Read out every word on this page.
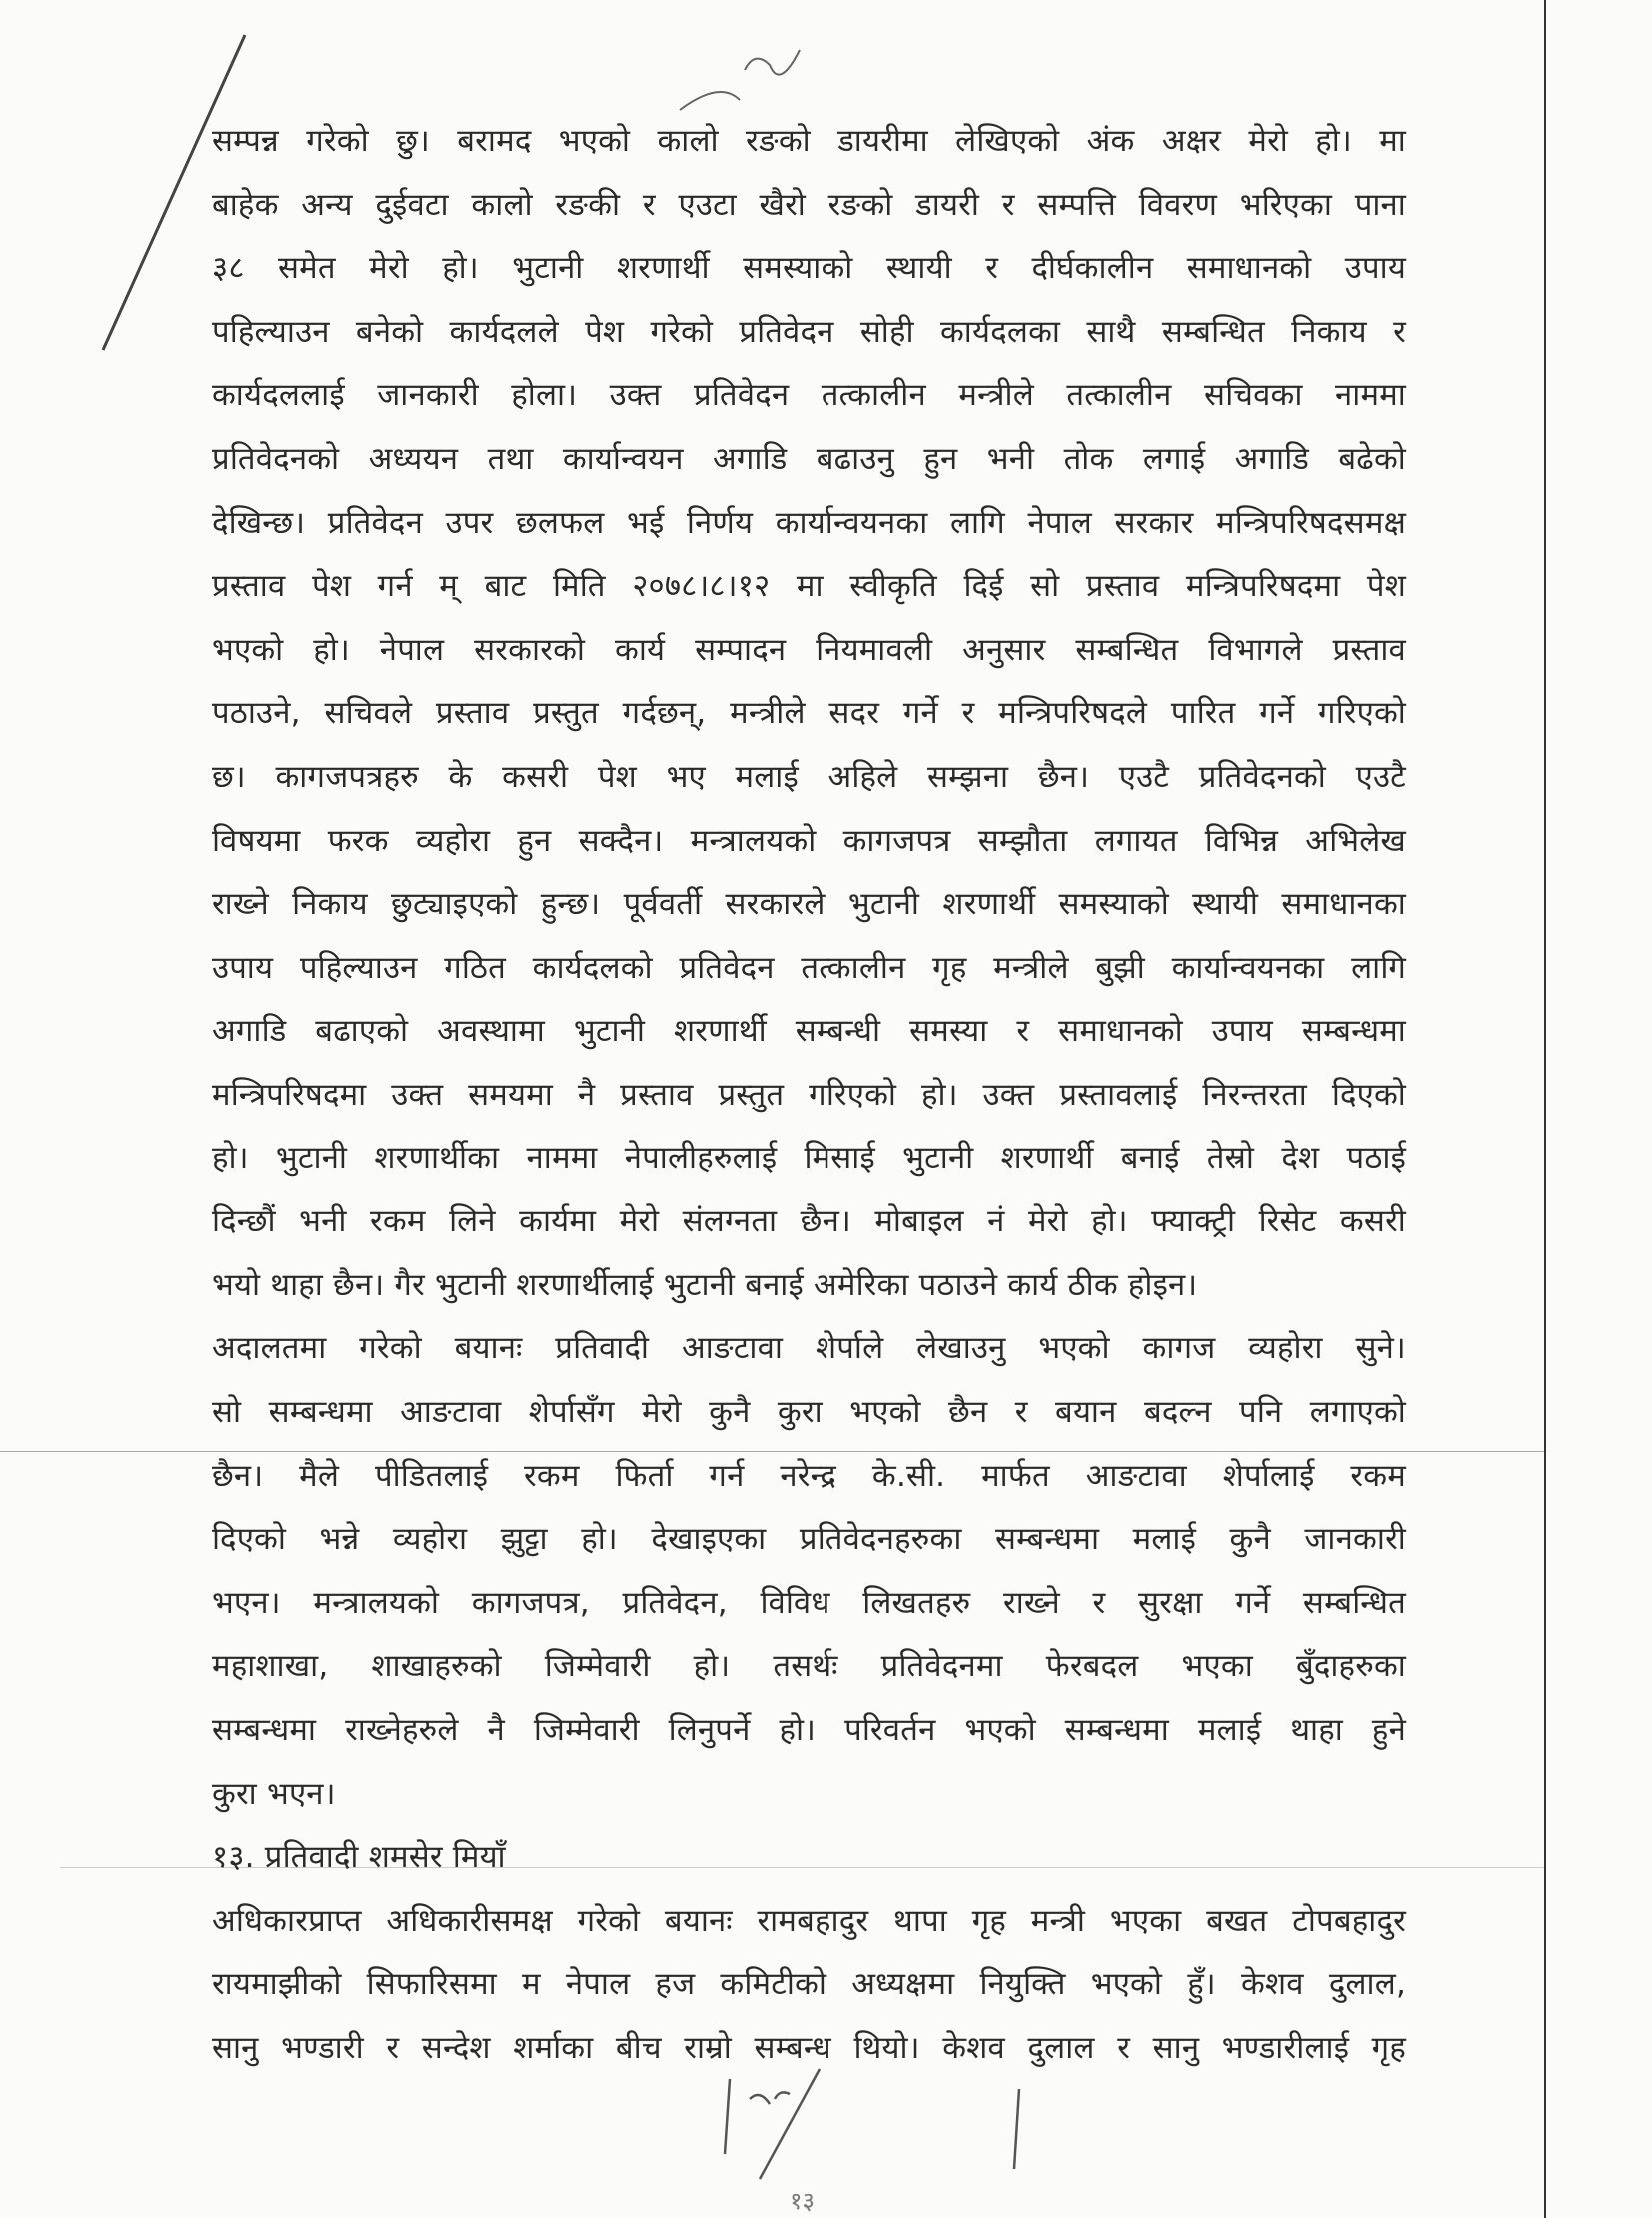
सम्पन्न गरेको छु। बरामद भएको कालो रङको डायरीमा लेखिएको अंक अक्षर मेरो हो। मा
बाहेक अन्य दुईवटा कालो रङकी र एउटा खैरो रङको डायरी र सम्पत्ति विवरण भरिएका पाना
३८ समेत मेरो हो। भुटानी शरणार्थी समस्याको स्थायी र दीर्घकालीन समाधानको उपाय
पहिल्याउन बनेको कार्यदलले पेश गरेको प्रतिवेदन सोही कार्यदलका साथै सम्बन्धित निकाय र
कार्यदललाई जानकारी होला। उक्त प्रतिवेदन तत्कालीन मन्त्रीले तत्कालीन सचिवका नाममा
प्रतिवेदनको अध्ययन तथा कार्यान्वयन अगाडि बढाउनु हुन भनी तोक लगाई अगाडि बढेको
देखिन्छ। प्रतिवेदन उपर छलफल भई निर्णय कार्यान्वयनका लागि नेपाल सरकार मन्त्रिपरिषदसमक्ष
प्रस्ताव पेश गर्न म् बाट मिति २०७८।८।१२ मा स्वीकृति दिई सो प्रस्ताव मन्त्रिपरिषदमा पेश
भएको हो। नेपाल सरकारको कार्य सम्पादन नियमावली अनुसार सम्बन्धित विभागले प्रस्ताव
पठाउने, सचिवले प्रस्ताव प्रस्तुत गर्दछन्, मन्त्रीले सदर गर्ने र मन्त्रिपरिषदले पारित गर्ने गरिएको
छ। कागजपत्रहरु के कसरी पेश भए मलाई अहिले सम्झना छैन। एउटै प्रतिवेदनको एउटै
विषयमा फरक व्यहोरा हुन सक्दैन। मन्त्रालयको कागजपत्र सम्झौता लगायत विभिन्न अभिलेख
राख्ने निकाय छुट्याइएको हुन्छ। पूर्ववर्ती सरकारले भुटानी शरणार्थी समस्याको स्थायी समाधानका
उपाय पहिल्याउन गठित कार्यदलको प्रतिवेदन तत्कालीन गृह मन्त्रीले बुझी कार्यान्वयनका लागि
अगाडि बढाएको अवस्थामा भुटानी शरणार्थी सम्बन्धी समस्या र समाधानको उपाय सम्बन्धमा
मन्त्रिपरिषदमा उक्त समयमा नै प्रस्ताव प्रस्तुत गरिएको हो। उक्त प्रस्तावलाई निरन्तरता दिएको
हो। भुटानी शरणार्थीका नाममा नेपालीहरुलाई मिसाई भुटानी शरणार्थी बनाई तेस्रो देश पठाई
दिन्छौं भनी रकम लिने कार्यमा मेरो संलग्नता छैन। मोबाइल नं मेरो हो। फ्याक्ट्री रिसेट कसरी
भयो थाहा छैन। गैर भुटानी शरणार्थीलाई भुटानी बनाई अमेरिका पठाउने कार्य ठीक होइन।
अदालतमा गरेको बयानः प्रतिवादी आङटावा शेर्पाले लेखाउनु भएको कागज व्यहोरा सुने।
सो सम्बन्धमा आङटावा शेर्पासँग मेरो कुनै कुरा भएको छैन र बयान बदल्न पनि लगाएको
छैन। मैले पीडितलाई रकम फिर्ता गर्न नरेन्द्र के.सी. मार्फत आङटावा शेर्पालाई रकम
दिएको भन्ने व्यहोरा झुट्टा हो। देखाइएका प्रतिवेदनहरुका सम्बन्धमा मलाई कुनै जानकारी
भएन। मन्त्रालयको कागजपत्र, प्रतिवेदन, विविध लिखतहरु राख्ने र सुरक्षा गर्ने सम्बन्धित
महाशाखा, शाखाहरुको जिम्मेवारी हो। तसर्थः प्रतिवेदनमा फेरबदल भएका बुँदाहरुका
सम्बन्धमा राख्नेहरुले नै जिम्मेवारी लिनुपर्ने हो। परिवर्तन भएको सम्बन्धमा मलाई थाहा हुने
कुरा भएन।
१३. प्रतिवादी शमसेर मियाँ
अधिकारप्राप्त अधिकारीसमक्ष गरेको बयानः रामबहादुर थापा गृह मन्त्री भएका बखत टोपबहादुर
रायमाझीको सिफारिसमा म नेपाल हज कमिटीको अध्यक्षमा नियुक्ति भएको हुँ। केशव दुलाल,
सानु भण्डारी र सन्देश शर्माका बीच राम्रो सम्बन्ध थियो। केशव दुलाल र सानु भण्डारीलाई गृह
१३
